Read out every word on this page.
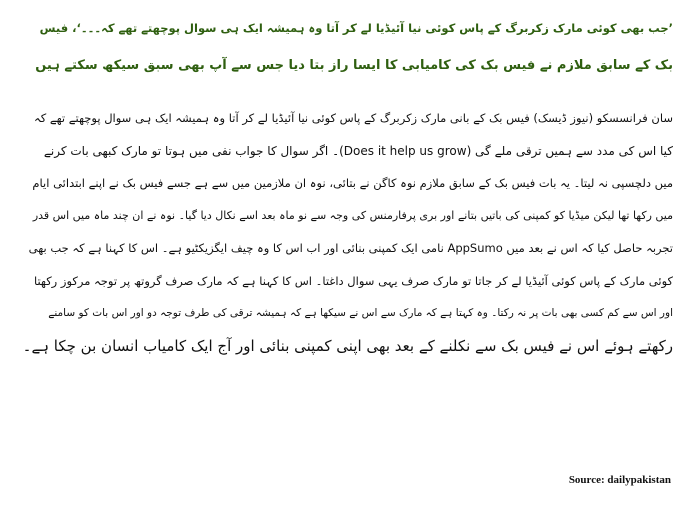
’جب بھی کوئی مارک زکربرگ کے پاس کوئی نیا آئیڈیا لے کر آتا وہ ہمیشہ ایک ہی سوال پوچھتے تھے کہ۔۔۔‘، فیس
بک کے سابق ملازم نے فیس بک کی کامیابی کا ایسا راز بتا دیا جس سے آپ بھی سبق سیکھ سکتے ہیں
سان فرانسسکو (نیوز ڈیسک) فیس بک کے بانی مارک زکربرگ کے پاس کوئی نیا آئیڈیا لے کر آتا وہ ہمیشہ ایک ہی سوال پوچھتے تھے کہ
کیا اس کی مدد سے ہمیں ترقی ملے گی (Does it help us grow)۔ اگر سوال کا جواب نفی میں ہوتا تو مارک کبھی بات کرنے
میں دلچسپی نہ لیتا۔ یہ بات فیس بک کے سابق ملازم نوہ کاگن نے بتائی، نوہ ان ملازمین میں سے ہے جسے فیس بک نے اپنے ابتدائی ایام
میں رکھا تھا لیکن میڈیا کو کمپنی کی باتیں بتانے اور بری پرفارمنس کی وجہ سے نو ماہ بعد اسے نکال دیا گیا۔ نوہ نے ان چند ماہ میں اس قدر
تجربہ حاصل کیا کہ اس نے بعد میں AppSumo نامی ایک کمپنی بنائی اور اب اس کا وہ چیف ایگزیکٹیو ہے۔ اس کا کہنا ہے کہ جب بھی
کوئی مارک کے پاس کوئی آئیڈیا لے کر جاتا تو مارک صرف یہی سوال داغتا۔ اس کا کہنا ہے کہ مارک صرف گروتھ پر توجہ مرکوز رکھتا
اور اس سے کم کسی بھی بات پر نہ رکتا۔ وہ کہتا ہے کہ مارک سے اس نے سیکھا ہے کہ ہمیشہ ترقی کی طرف توجہ دو اور اس بات کو سامنے
رکھتے ہوئے اس نے فیس بک سے نکلنے کے بعد بھی اپنی کمپنی بنائی اور آج ایک کامیاب انسان بن چکا ہے۔
Source: dailypakistan
